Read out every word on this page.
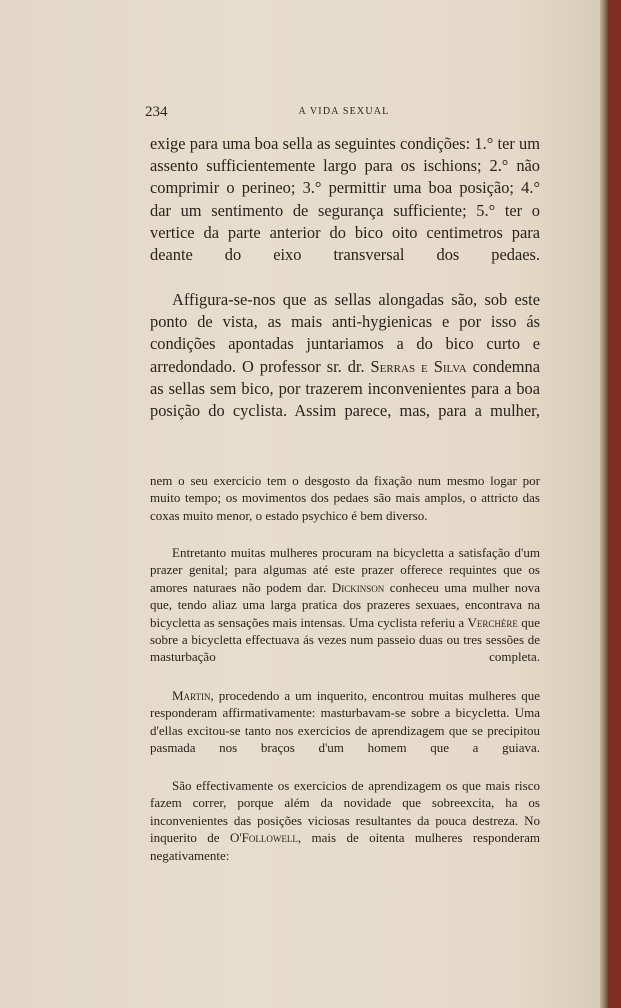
234	A VIDA SEXUAL

exige para uma boa sella as seguintes condições: 1.° ter um assento sufficientemente largo para os ischions; 2.° não comprimir o perineo; 3.° permittir uma boa posição; 4.° dar um sentimento de segurança sufficiente; 5.° ter o vertice da parte anterior do bico oito centimetros para deante do eixo transversal dos pedaes.

Affigura-se-nos que as sellas alongadas são, sob este ponto de vista, as mais anti-hygienicas e por isso ás condições apontadas juntariamos a do bico curto e arredondado. O professor sr. dr. Serras e Silva condemna as sellas sem bico, por trazerem inconvenientes para a boa posição do cyclista. Assim parece, mas, para a mulher,

nem o seu exercicio tem o desgosto da fixação num mesmo logar por muito tempo; os movimentos dos pedaes são mais amplos, o attricto das coxas muito menor, o estado psychico é bem diverso.

Entretanto muitas mulheres procuram na bicycletta a satisfação d'um prazer genital; para algumas até este prazer offerece requintes que os amores naturaes não podem dar. Dickinson conheceu uma mulher nova que, tendo aliaz uma larga pratica dos prazeres sexuaes, encontrava na bicycletta as sensações mais intensas. Uma cyclista referiu a Verchère que sobre a bicycletta effectuava ás vezes num passeio duas ou tres sessões de masturbação completa.

Martin, procedendo a um inquerito, encontrou muitas mulheres que responderam affirmativamente: masturbavam-se sobre a bicycletta. Uma d'ellas excitou-se tanto nos exercicios de aprendizagem que se precipitou pasmada nos braços d'um homem que a guiava.

São effectivamente os exercicios de aprendizagem os que mais risco fazem correr, porque além da novidade que sobreexcita, ha os inconvenientes das posições viciosas resultantes da pouca destreza. No inquerito de O'Followell, mais de oitenta mulheres responderam negativamente:
